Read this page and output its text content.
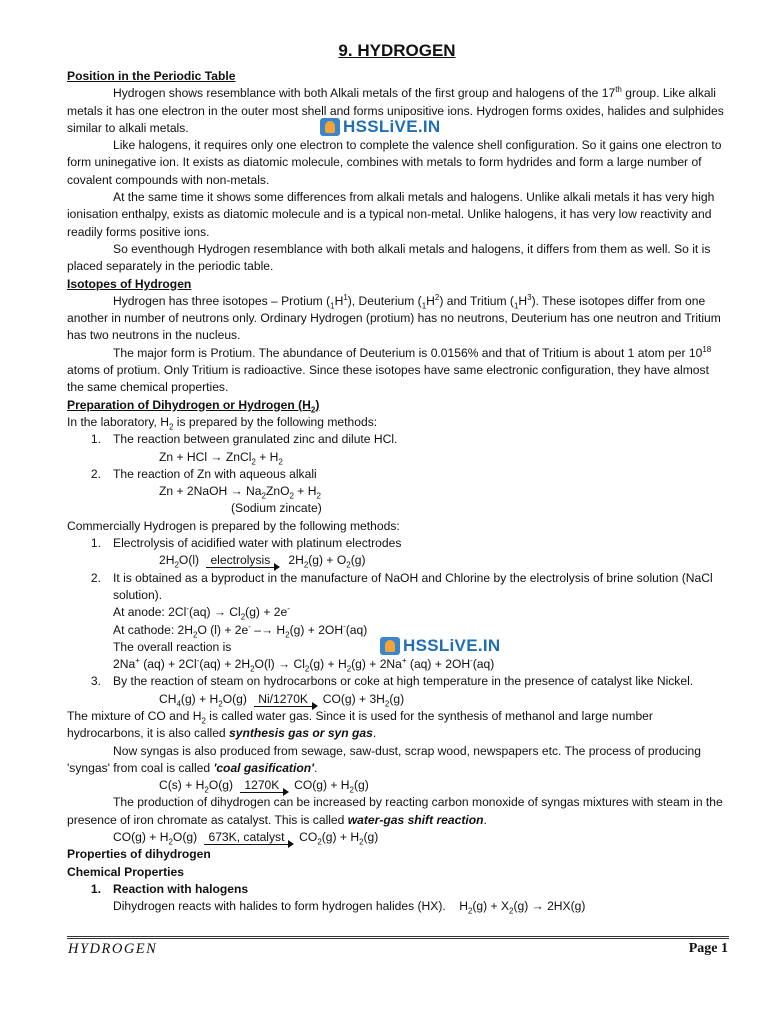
9. HYDROGEN
Position in the Periodic Table

Hydrogen shows resemblance with both Alkali metals of the first group and halogens of the 17th group. Like alkali metals it has one electron in the outer most shell and forms unipositive ions. Hydrogen forms oxides, halides and sulphides similar to alkali metals.

Like halogens, it requires only one electron to complete the valence shell configuration. So it gains one electron to form uninegative ion. It exists as diatomic molecule, combines with metals to form hydrides and form a large number of covalent compounds with non-metals.

At the same time it shows some differences from alkali metals and halogens. Unlike alkali metals it has very high ionisation enthalpy, exists as diatomic molecule and is a typical non-metal. Unlike halogens, it has very low reactivity and readily forms positive ions.

So eventhough Hydrogen resemblance with both alkali metals and halogens, it differs from them as well. So it is placed separately in the periodic table.

Isotopes of Hydrogen

Hydrogen has three isotopes – Protium $(_1H^1)$, Deuterium $(_1H^2)$ and Tritium $(_1H^3)$. These isotopes differ from one another in number of neutrons only. Ordinary Hydrogen (protium) has no neutrons, Deuterium has one neutron and Tritium has two neutrons in the nucleus.

The major form is Protium. The abundance of Deuterium is 0.0156% and that of Tritium is about 1 atom per $10^{18}$ atoms of protium. Only Tritium is radioactive. Since these isotopes have same electronic configuration, they have almost the same chemical properties.

Preparation of Dihydrogen or Hydrogen $(H_2)$

In the laboratory, $H_2$ is prepared by the following methods:

1. The reaction between granulated zinc and dilute HCl.

Zn + HCl → ZnCl$_2$ + $H_2$

2. The reaction of Zn with aqueous alkali

Zn + 2NaOH → $Na_2ZnO_2 + H_2$

(Sodium zincate)

Commercially Hydrogen is prepared by the following methods:

1. Electrolysis of acidified water with platinum electrodes

$2H_2O(l)$ electrolysis   $2H_2(g) + O_2(g)$

2. It is obtained as a byproduct in the manufacture of NaOH and Chlorine by the electrolysis of brine solution (NaCl solution).

At anode: $2Cl^-(aq) \to Cl_2(g) + 2e^-$

At cathode: $2H_2O$ $(l) + 2e^- -\to H_2(g) + 2OH^-(aq)$

The overall reaction is

2Na+ $(aq) + 2Cl^-(aq) + 2H_2O(l) \to Cl_2(g) + H_2(g) + 2Na^+$ (aq) + 2OH-(aq)

3. By the reaction of steam on hydrocarbons or coke at high temperature in the presence of catalyst like Nickel.

$CH_4(g) + H_2O(g)$ Ni/1270K  $CO(g) + 3H_2(g)$

The mixture of CO and $H_2$ is called water gas. Since it is used for the synthesis of methanol and large number hydrocarbons, it is also called synthesis gas or syn gas.

Now syngas is also produced from sewage, saw-dust, scrap wood, newspapers etc. The process of producing 'syngas' from coal is called 'coal gasification'.

$C(s) + H_2O(g)$ 1270K  $CO(g) + H_2(g)$

The production of dihydrogen can be increased by reacting carbon monoxide of syngas mixtures with steam in the presence of iron chromate as catalyst. This is called water-gas shift reaction.

$CO(g) + H_2O(g)$ 673K, catalyst  $CO_2(g) + H_2(g)$

Properties of dihydrogen

Chemical Properties

1. Reaction with halogens

Dihydrogen reacts with halides to form hydrogen halides (HX).    $H_2(g) + X_2(g) \to 2HX(g)$

HSSLiVE.IN
HSSLiVE.IN
HYDROGEN	Page 1
